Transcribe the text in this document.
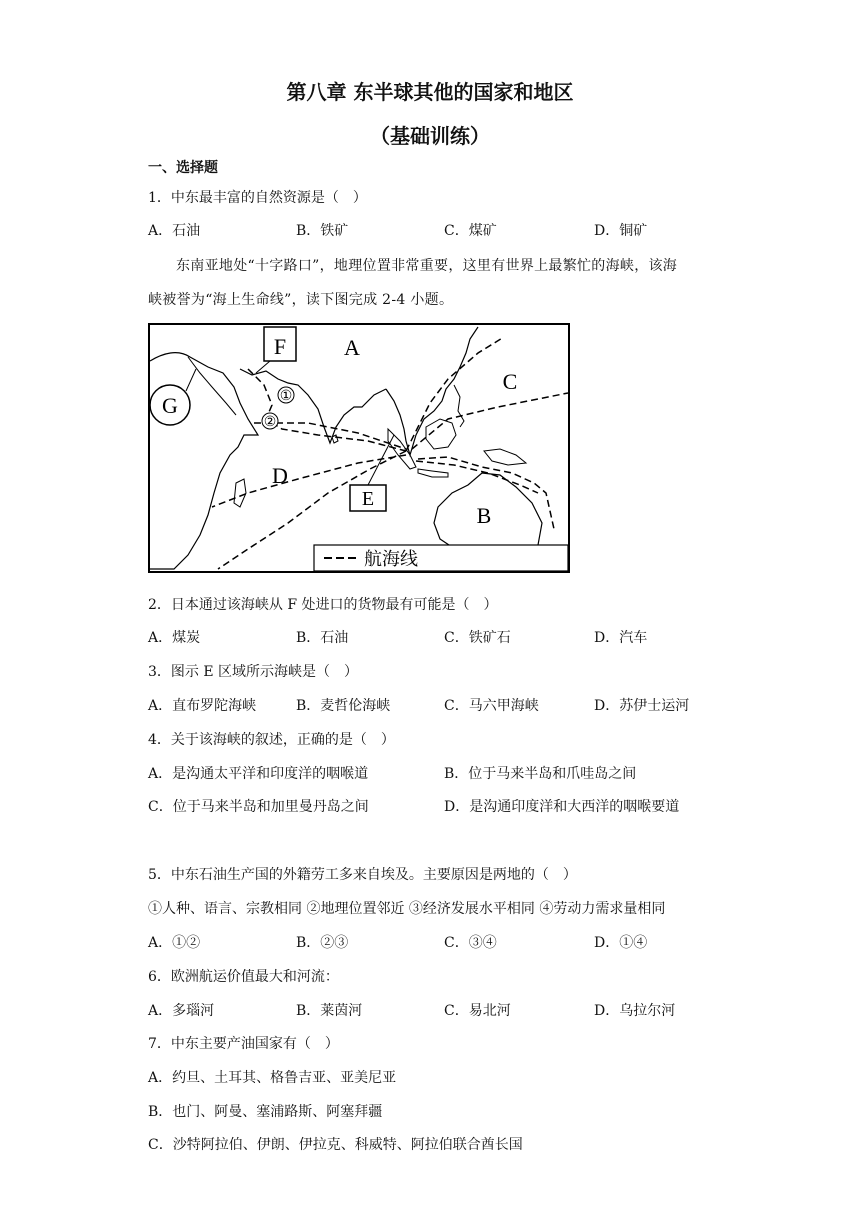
第八章 东半球其他的国家和地区
（基础训练）
一、选择题
1．中东最丰富的自然资源是（　）
A．石油	B．铁矿	C．煤矿	D．铜矿
东南亚地处“十字路口”，地理位置非常重要，这里有世界上最繁忙的海峡，该海
峡被誉为“海上生命线”，读下图完成 2-4 小题。
F	A
C
D
B
G	①
②
E
航海线
2．日本通过该海峡从 F 处进口的货物最有可能是（　）
A．煤炭	B．石油	C．铁矿石	D．汽车
3．图示 E 区域所示海峡是（　）
A．直布罗陀海峡	B．麦哲伦海峡	C．马六甲海峡	D．苏伊士运河
4．关于该海峡的叙述，正确的是（　）
A．是沟通太平洋和印度洋的咽喉道	B．位于马来半岛和爪哇岛之间
C．位于马来半岛和加里曼丹岛之间	D．是沟通印度洋和大西洋的咽喉要道
5．中东石油生产国的外籍劳工多来自埃及。主要原因是两地的（　）
①人种、语言、宗教相同 ②地理位置邻近 ③经济发展水平相同 ④劳动力需求量相同
A．①②	B．②③	C．③④	D．①④
6．欧洲航运价值最大和河流：
A．多瑙河	B．莱茵河	C．易北河	D．乌拉尔河
7．中东主要产油国家有（　）
A．约旦、土耳其、格鲁吉亚、亚美尼亚
B．也门、阿曼、塞浦路斯、阿塞拜疆
C．沙特阿拉伯、伊朗、伊拉克、科威特、阿拉伯联合酋长国
